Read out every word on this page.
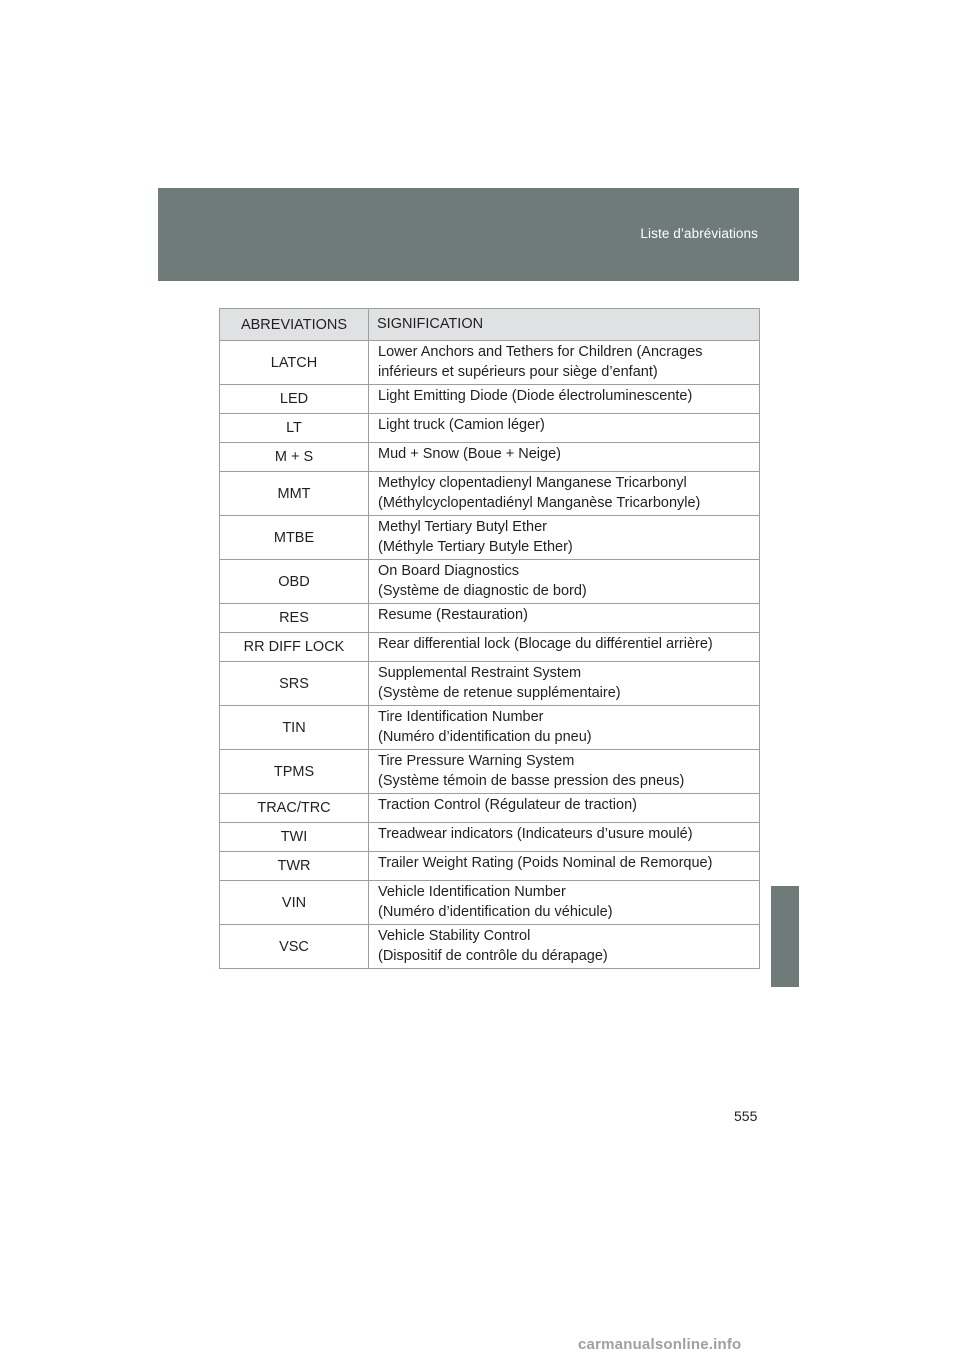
Liste d’abréviations
ABREVIATIONS	SIGNIFICATION
LATCH	Lower Anchors and Tethers for Children (Ancrages
inférieurs et supérieurs pour siège d’enfant)

LED	Light Emitting Diode (Diode électroluminescente)

LT	Light truck (Camion léger)

M + S	Mud + Snow (Boue + Neige)

MMT	Methylcy clopentadienyl Manganese Tricarbonyl
(Méthylcyclopentadiényl Manganèse Tricarbonyle)

MTBE	Methyl Tertiary Butyl Ether
(Méthyle Tertiary Butyle Ether)

OBD	On Board Diagnostics
(Système de diagnostic de bord)

RES	Resume (Restauration)

RR DIFF LOCK	Rear differential lock (Blocage du différentiel arrière)

SRS	Supplemental Restraint System
(Système de retenue supplémentaire)

TIN	Tire Identification Number
(Numéro d’identification du pneu)

TPMS	Tire Pressure Warning System
(Système témoin de basse pression des pneus)

TRAC/TRC	Traction Control (Régulateur de traction)

TWI	Treadwear indicators (Indicateurs d’usure moulé)

TWR	Trailer Weight Rating (Poids Nominal de Remorque)

VIN	Vehicle Identification Number
(Numéro d’identification du véhicule)

VSC	Vehicle Stability Control
(Dispositif de contrôle du dérapage)
555
carmanualsonline.info
